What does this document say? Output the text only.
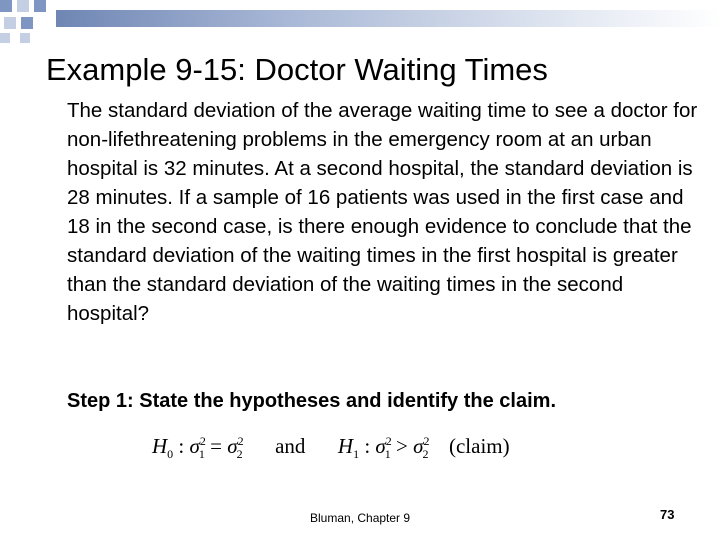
Example 9-15: Doctor Waiting Times
The standard deviation of the average waiting time to see a doctor for non-lifethreatening problems in the emergency room at an urban hospital is 32 minutes. At a second hospital, the standard deviation is 28 minutes. If a sample of 16 patients was used in the first case and 18 in the second case, is there enough evidence to conclude that the standard deviation of the waiting times in the first hospital is greater than the standard deviation of the waiting times in the second hospital?
Step 1: State the hypotheses and identify the claim.
$H_0$ : $\sigma^2_1 = \sigma^2_2$ and $H_1$ : $\sigma^2_1 > \sigma^2_2$ (claim)
Bluman, Chapter 9	73
